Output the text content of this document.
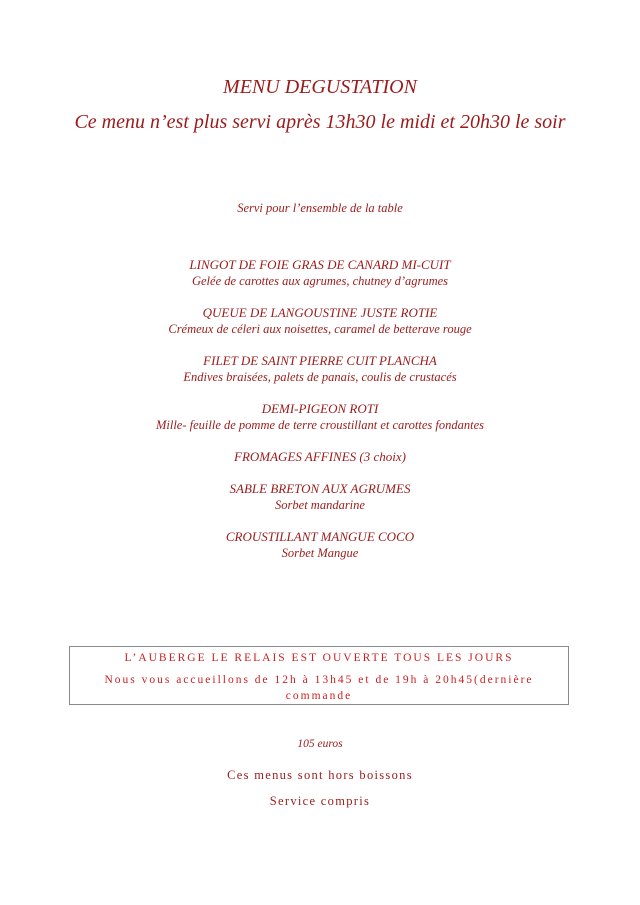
MENU DEGUSTATION
Ce menu n’est plus servi après 13h30 le midi et 20h30 le soir
Servi pour l’ensemble de la table
LINGOT DE FOIE GRAS DE CANARD MI-CUIT
Gelée de carottes aux agrumes, chutney d’agrumes
QUEUE DE LANGOUSTINE JUSTE ROTIE
Crémeux de céleri aux noisettes, caramel de betterave rouge
FILET DE SAINT PIERRE CUIT PLANCHA
Endives braisées, palets de panais, coulis de crustacés
DEMI-PIGEON ROTI
Mille- feuille de pomme de terre croustillant et carottes fondantes
FROMAGES AFFINES (3 choix)
SABLE BRETON AUX AGRUMES
Sorbet mandarine
CROUSTILLANT MANGUE COCO
Sorbet Mangue
L’AUBERGE LE RELAIS EST OUVERTE TOUS LES JOURS
Nous vous accueillons de 12h à 13h45 et de 19h à 20h45(dernière commande
105 euros
Ces menus sont hors boissons
Service compris
